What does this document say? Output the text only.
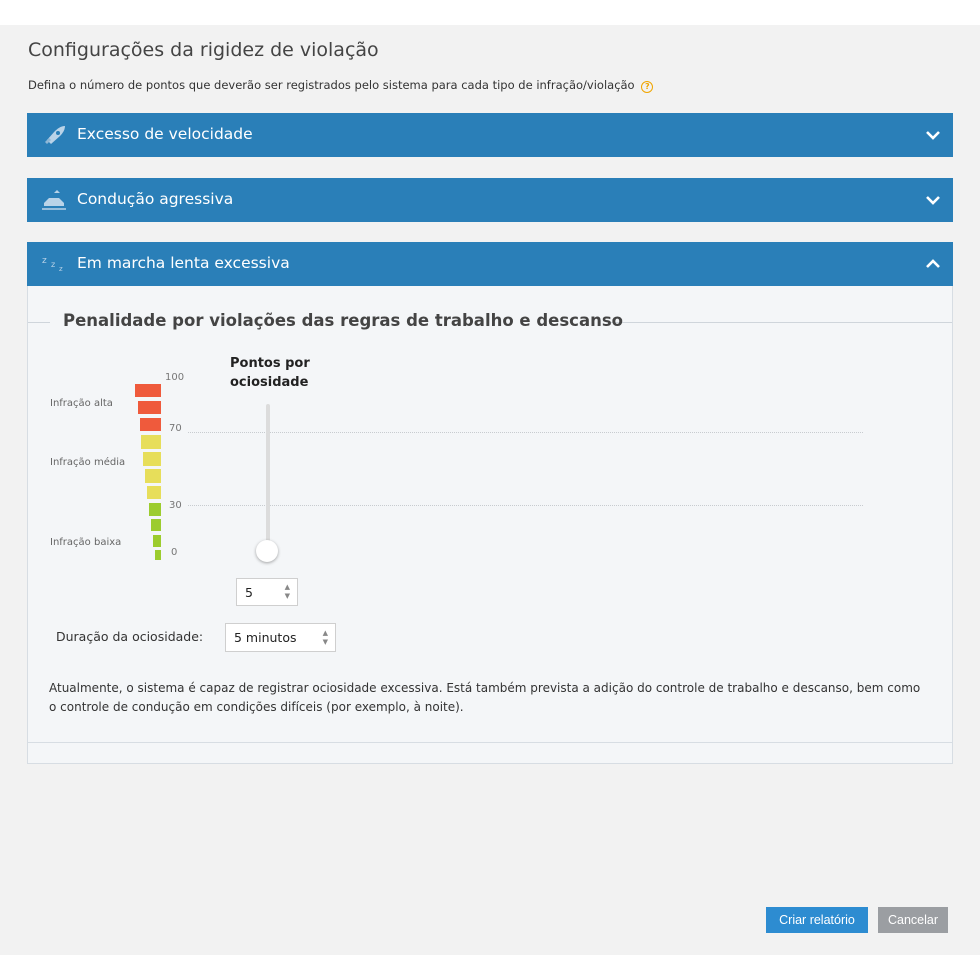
Configurações da rigidez de violação
Defina o número de pontos que deverão ser registrados pelo sistema para cada tipo de infração/violação ?
Excesso de velocidade
Condução agressiva
z z z Em marcha lenta excessiva
Penalidade por violações das regras de trabalho e descanso
Infração alta
Infração média
Infração baixa
100
70
30
0
Pontos por
ociosidade
5	▲
▼
Duração da ociosidade: 5 minutos	▲
▼
Atualmente, o sistema é capaz de registrar ociosidade excessiva. Está também prevista a adição do controle de trabalho e descanso, bem como o controle de condução em condições difíceis (por exemplo, à noite).
Criar relatório	Cancelar
